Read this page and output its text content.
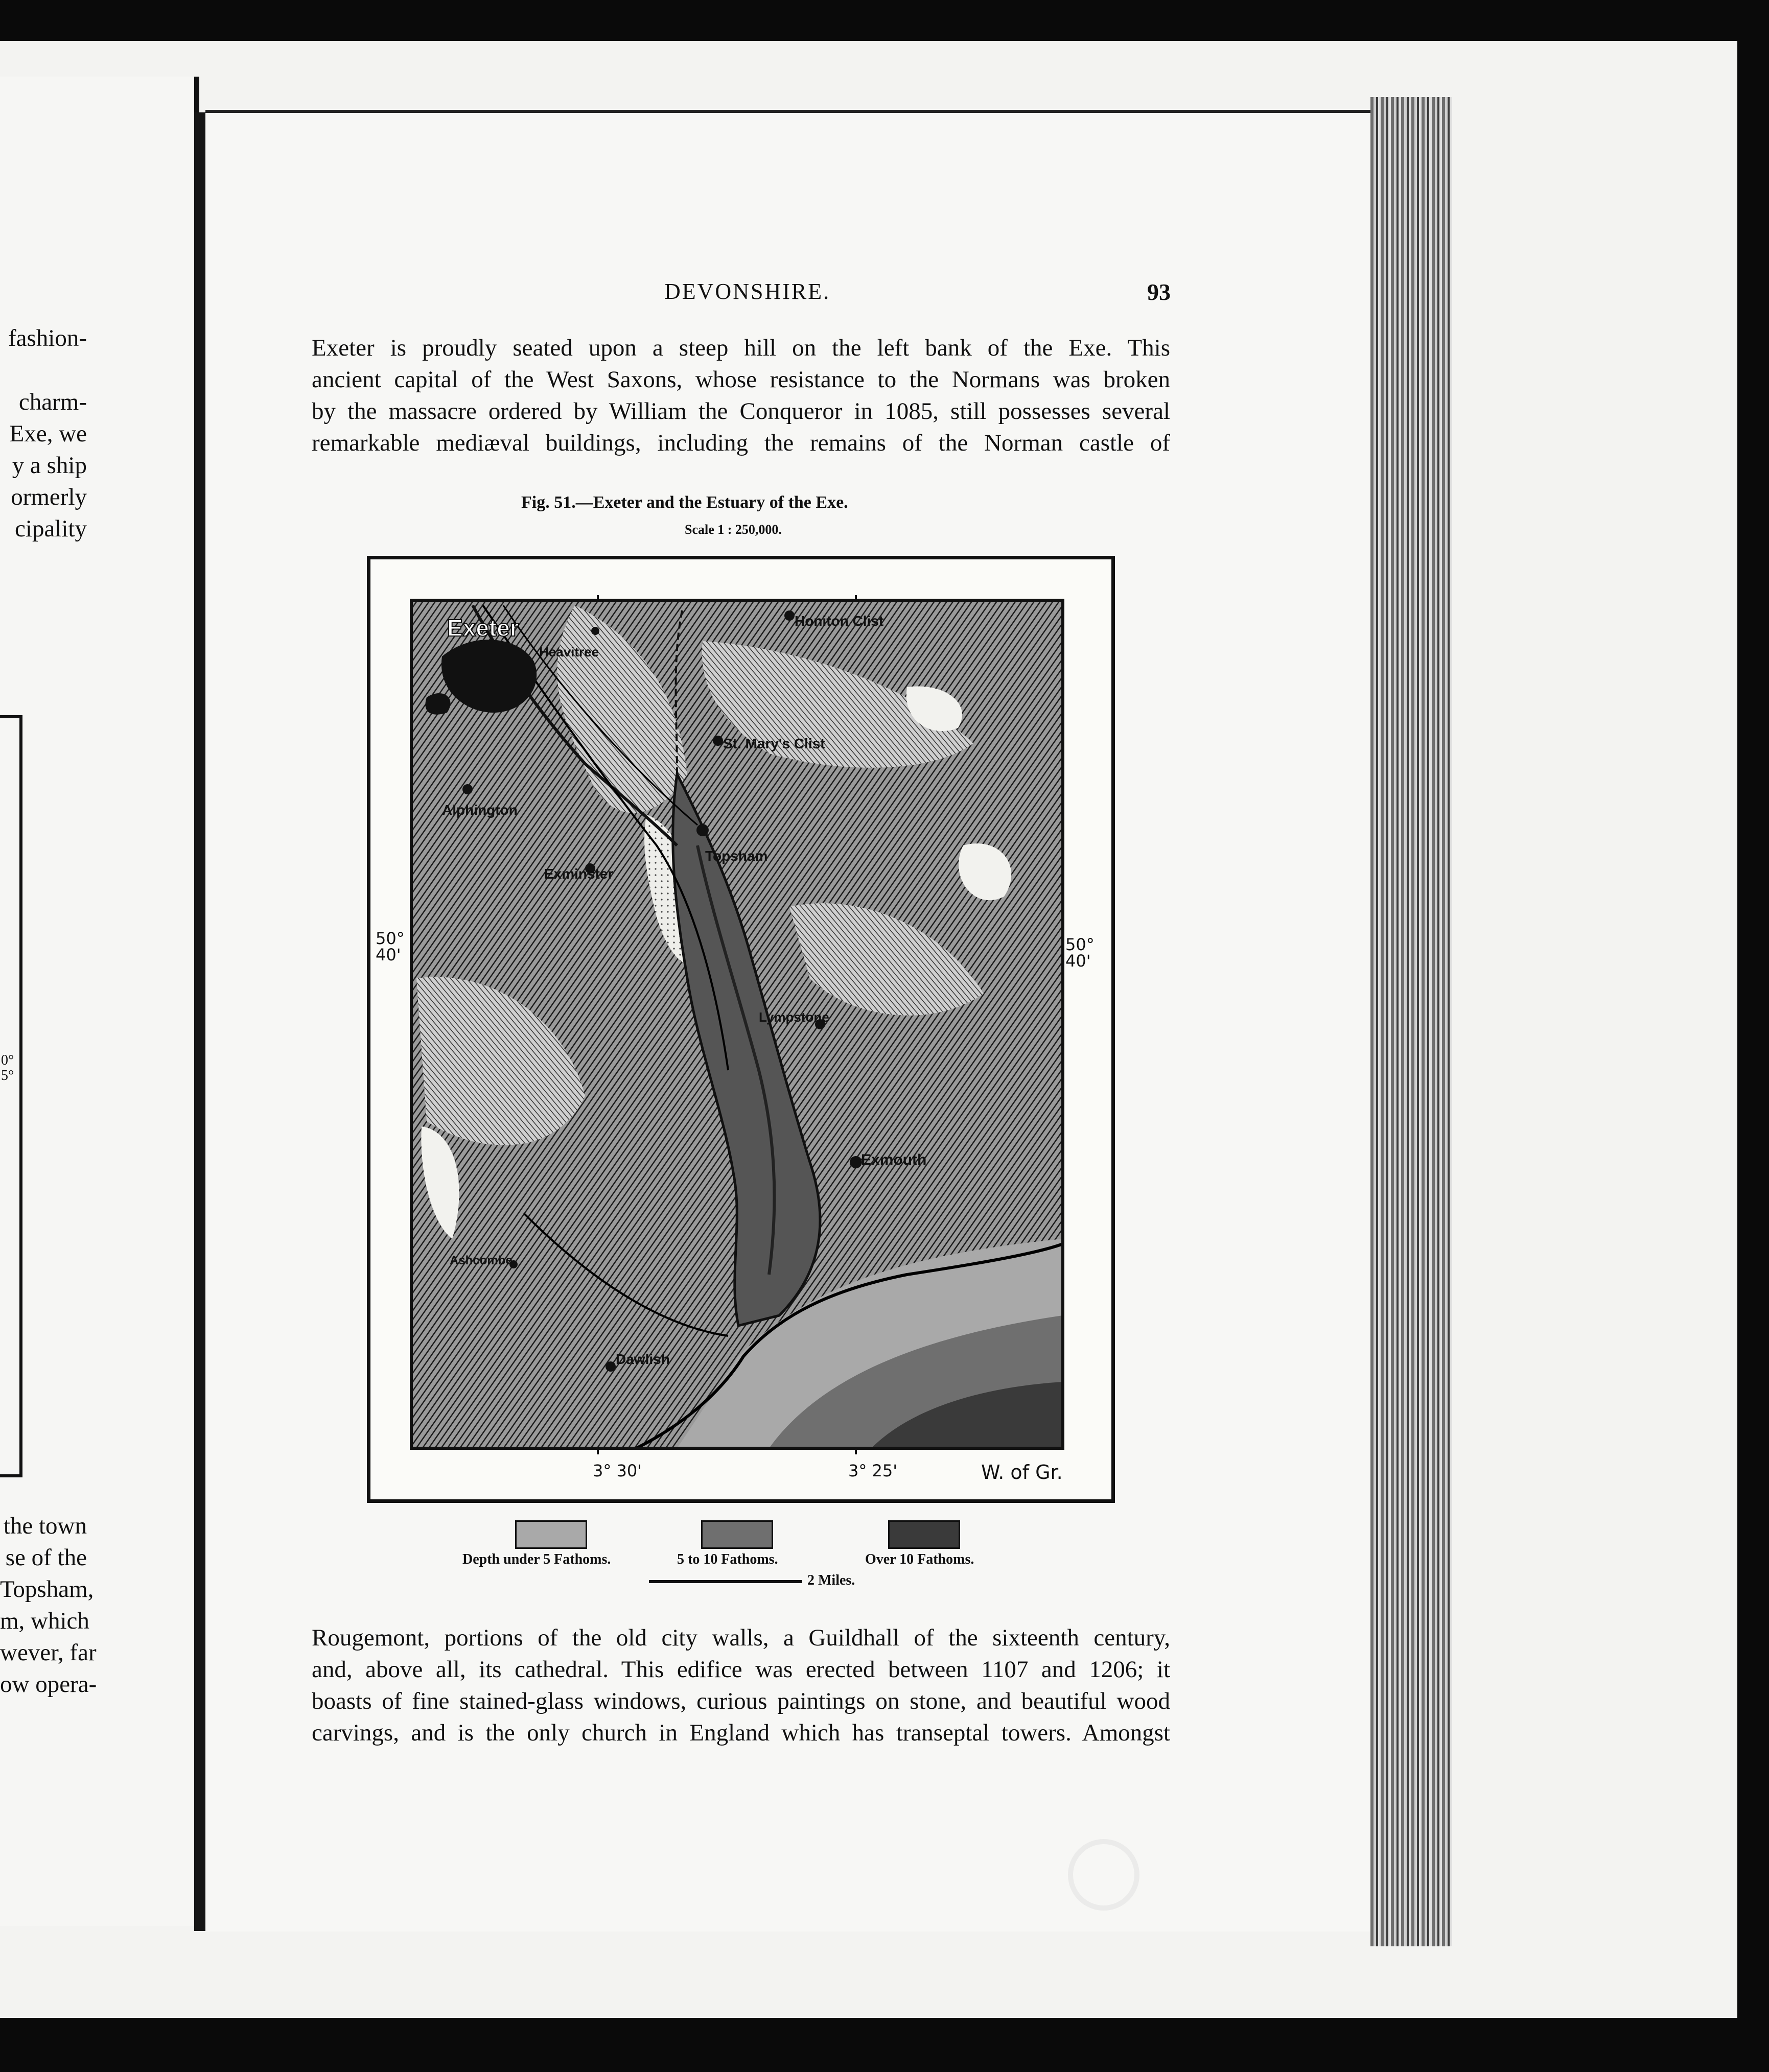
fashion-
charm-
Exe, we
y a ship
ormerly
cipality
0°
5°
the town
se of the
Topsham,
m, which
wever, far
ow opera-
DEVONSHIRE.	93
Exeter is proudly seated upon a steep hill on the left bank of the Exe. This
ancient capital of the West Saxons, whose resistance to the Normans was broken
by the massacre ordered by William the Conqueror in 1085, still possesses several
remarkable mediæval buildings, including the remains of the Norman castle of
Fig. 51.—Exeter and the Estuary of the Exe.
Scale 1 : 250,000.
Exeter
Heavitree
Honiton Clist
St. Mary's Clist
Alphington
Topsham
Exminster
Lympstone
Exmouth
Dawlish
Ashcombe
50°
40'
50°
40'
3° 30'	3° 25'	W. of Gr.
Depth under 5 Fathoms.	5 to 10 Fathoms.	Over 10 Fathoms.
2 Miles.
Rougemont, portions of the old city walls, a Guildhall of the sixteenth century,
and, above all, its cathedral. This edifice was erected between 1107 and 1206; it
boasts of fine stained-glass windows, curious paintings on stone, and beautiful wood
carvings, and is the only church in England which has transeptal towers. Amongst
